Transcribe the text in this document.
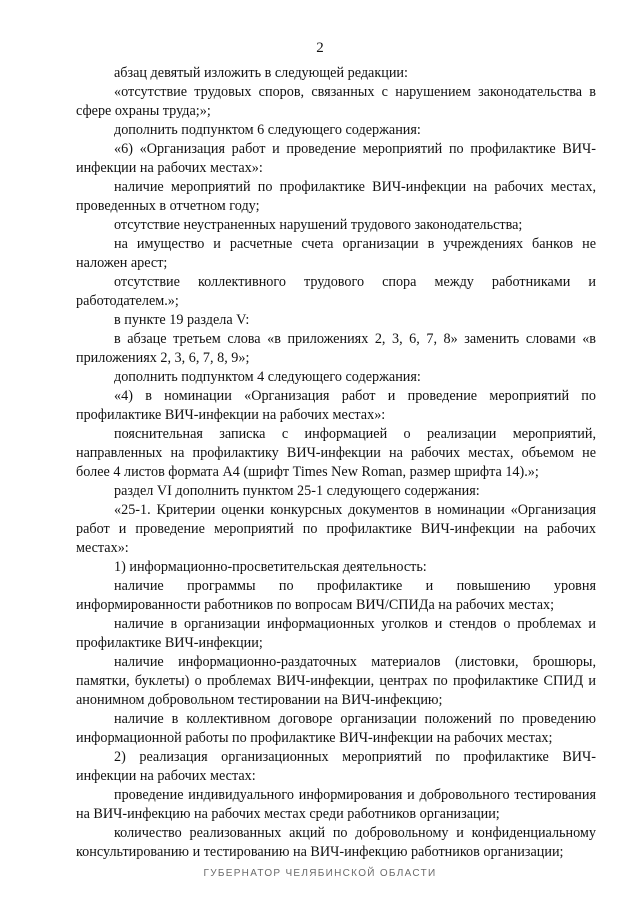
2

абзац девятый изложить в следующей редакции:

«отсутствие трудовых споров, связанных с нарушением законодательства в сфере охраны труда;»;

дополнить подпунктом 6 следующего содержания:

«6) «Организация работ и проведение мероприятий по профилактике ВИЧ-инфекции на рабочих местах»:

наличие мероприятий по профилактике ВИЧ-инфекции на рабочих местах, проведенных в отчетном году;

отсутствие неустраненных нарушений трудового законодательства;

на имущество и расчетные счета организации в учреждениях банков не наложен арест;

отсутствие коллективного трудового спора между работниками и работодателем.»;

в пункте 19 раздела V:

в абзаце третьем слова «в приложениях 2, 3, 6, 7, 8» заменить словами «в приложениях 2, 3, 6, 7, 8, 9»;

дополнить подпунктом 4 следующего содержания:

«4) в номинации «Организация работ и проведение мероприятий по профилактике ВИЧ-инфекции на рабочих местах»:

пояснительная записка с информацией о реализации мероприятий, направленных на профилактику ВИЧ-инфекции на рабочих местах, объемом не более 4 листов формата А4 (шрифт Times New Roman, размер шрифта 14).»;

раздел VI дополнить пунктом 25-1 следующего содержания:

«25-1. Критерии оценки конкурсных документов в номинации «Организация работ и проведение мероприятий по профилактике ВИЧ-инфекции на рабочих местах»:

1) информационно-просветительская деятельность:

наличие программы по профилактике и повышению уровня информированности работников по вопросам ВИЧ/СПИДа на рабочих местах;

наличие в организации информационных уголков и стендов о проблемах и профилактике ВИЧ-инфекции;

наличие информационно-раздаточных материалов (листовки, брошюры, памятки, буклеты) о проблемах ВИЧ-инфекции, центрах по профилактике СПИД и анонимном добровольном тестировании на ВИЧ-инфекцию;

наличие в коллективном договоре организации положений по проведению информационной работы по профилактике ВИЧ-инфекции на рабочих местах;

2) реализация организационных мероприятий по профилактике ВИЧ-инфекции на рабочих местах:

проведение индивидуального информирования и добровольного тестирования на ВИЧ-инфекцию на рабочих местах среди работников организации;

количество реализованных акций по добровольному и конфиденциальному консультированию и тестированию на ВИЧ-инфекцию работников организации;

ГУБЕРНАТОР ЧЕЛЯБИНСКОЙ ОБЛАСТИ
